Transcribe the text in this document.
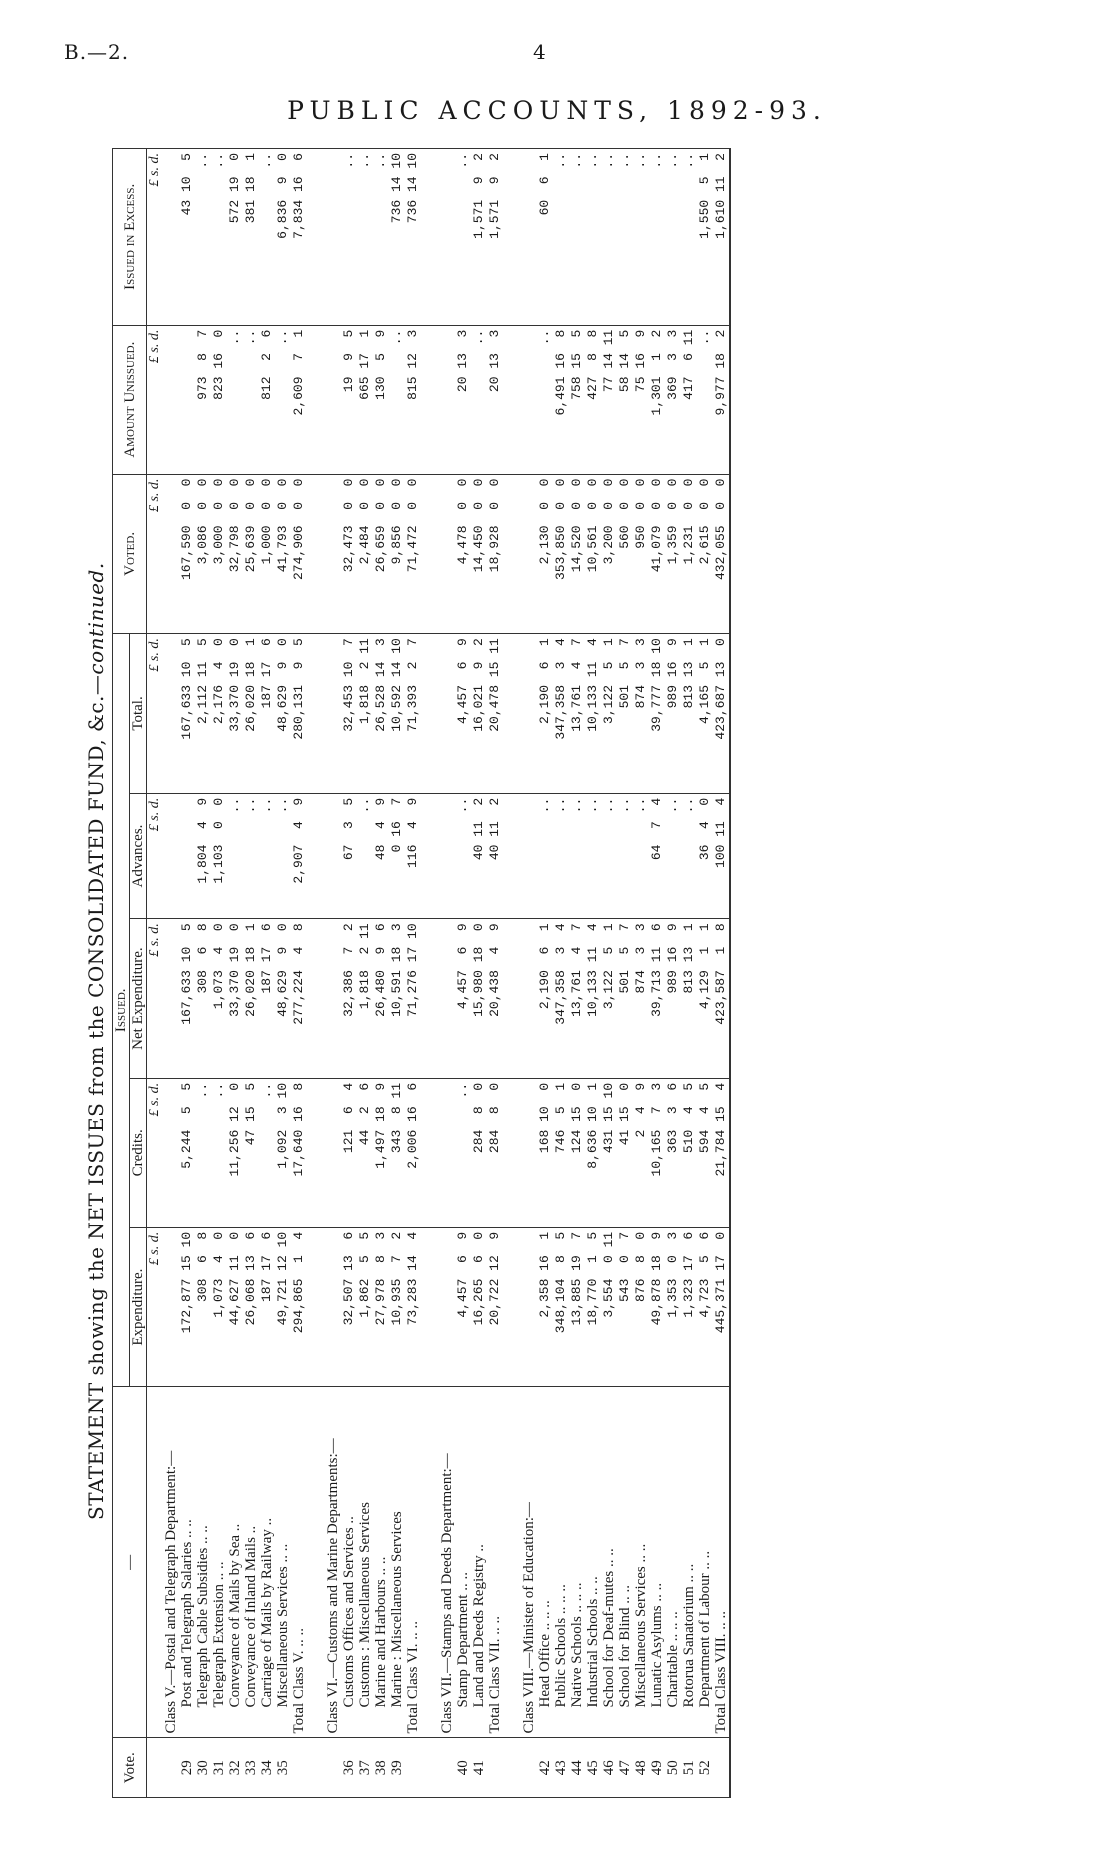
B.—2.	4
PUBLIC ACCOUNTS, 1892-93.
STATEMENT showing the NET ISSUES from the CONSOLIDATED FUND, &c.—continued.
Vote.	—	Issued.					Voted.	Amount Unissued.	Issued in Excess.
		Expenditure.	Credits.	Net Expenditure.	Advances.	Total.			
		£ s. d.	£ s. d.	£ s. d.	£ s. d.	£ s. d.	£ s. d.	£ s. d.	£ s. d.
	Class V.—Postal and Telegraph Department:—								
29	Post and Telegraph Salaries .. ..	172,877 15 10	5,244  5  5	167,633 10  5		167,633 10  5	167,590  0  0		43 10  5
30	Telegraph Cable Subsidies .. ..	308  6  8	..	308  6  8	1,804  4  9	2,112 11  5	3,086  0  0	973  8  7	..
31	Telegraph Extension .. ..	1,073  4  0	..	1,073  4  0	1,103  0  0	2,176  4  0	3,000  0  0	823 16  0	..
32	Conveyance of Mails by Sea ..	44,627 11  0	11,256 12  0	33,370 19  0	..	33,370 19  0	32,798  0  0	..	572 19  0
33	Conveyance of Inland Mails ..	26,068 13  6	47 15  5	26,020 18  1	..	26,020 18  1	25,639  0  0	..	381 18  1
34	Carriage of Mails by Railway ..	187 17  6	..	187 17  6	..	187 17  6	1,000  0  0	812  2  6	..
35	Miscellaneous Services .. ..	49,721 12 10	1,092  3 10	48,629  9  0	..	48,629  9  0	41,793  0  0	..	6,836  9  0
	Total Class V. .. ..	294,865  1  4	17,640 16  8	277,224  4  8	2,907  4  9	280,131  9  5	274,906  0  0	2,609  7  1	7,834 16  6

	Class VI.—Customs and Marine Departments:—								
36	Customs Offices and Services ..	32,507 13  6	121  6  4	32,386  7  2	67  3  5	32,453 10  7	32,473  0  0	19  9  5	..
37	Customs : Miscellaneous Services	1,862  5  5	44  2  6	1,818  2 11	..	1,818  2 11	2,484  0  0	665 17  1	..
38	Marine and Harbours .. ..	27,978  8  3	1,497 18  9	26,480  9  6	48  4  9	26,528 14  3	26,659  0  0	130  5  9	..
39	Marine : Miscellaneous Services	10,935  7  2	343  8 11	10,591 18  3	0 16  7	10,592 14 10	9,856  0  0	..	736 14 10
	Total Class VI. .. ..	73,283 14  4	2,006 16  6	71,276 17 10	116  4  9	71,393  2  7	71,472  0  0	815 12  3	736 14 10

	Class VII.—Stamps and Deeds Department:—								
40	Stamp Department .. ..	4,457  6  9	..	4,457  6  9	..	4,457  6  9	4,478  0  0	20 13  3	..
41	Land and Deeds Registry ..	16,265  6  0	284  8  0	15,980 18  0	40 11  2	16,021  9  2	14,450  0  0	..	1,571  9  2
	Total Class VII. .. ..	20,722 12  9	284  8  0	20,438  4  9	40 11  2	20,478 15 11	18,928  0  0	20 13  3	1,571  9  2

	Class VIII.—Minister of Education:—								
42	Head Office .. .. ..	2,358 16  1	168 10  0	2,190  6  1	..	2,190  6  1	2,130  0  0	..	60  6  1
43	Public Schools .. .. ..	348,104  8  5	746  5  1	347,358  3  4	..	347,358  3  4	353,850  0  0	6,491 16  8	..
44	Native Schools .. .. ..	13,885 19  7	124 15  0	13,761  4  7	..	13,761  4  7	14,520  0  0	758 15  5	..
45	Industrial Schools .. ..	18,770  1  5	8,636 10  1	10,133 11  4	..	10,133 11  4	10,561  0  0	427  8  8	..
46	School for Deaf-mutes .. ..	3,554  0 11	431 15 10	3,122  5  1	..	3,122  5  1	3,200  0  0	77 14 11	..
47	School for Blind .. ..	543  0  7	41 15  0	501  5  7	..	501  5  7	560  0  0	58 14  5	..
48	Miscellaneous Services .. ..	876  8  0	2  4  9	874  3  3	..	874  3  3	950  0  0	75 16  9	..
49	Lunatic Asylums .. ..	49,878 18  9	10,165  7  3	39,713 11  6	64  7  4	39,777 18 10	41,079  0  0	1,301  1  2	..
50	Charitable .. .. ..	1,353  0  3	363  3  6	989 16  9	..	989 16  9	1,359  0  0	369  3  3	..
51	Rotorua Sanatorium .. ..	1,323 17  6	510  4  5	813 13  1	..	813 13  1	1,231  0  0	417  6 11	..
52	Department of Labour .. ..	4,723  5  6	594  4  5	4,129  1  1	36  4  0	4,165  5  1	2,615  0  0	..	1,550  5  1
	Total Class VIII. .. ..	445,371 17  0	21,784 15  4	423,587  1  8	100 11  4	423,687 13  0	432,055  0  0	9,977 18  2	1,610 11  2
